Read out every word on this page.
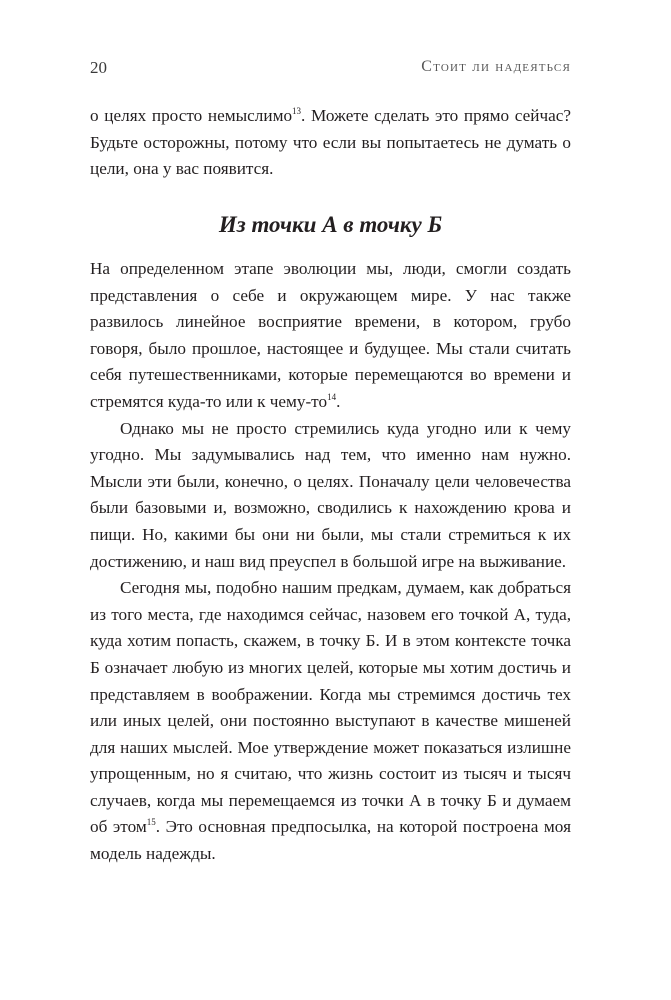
20	Стоит ли надеяться

о целях просто немыслимо$^{13}$. Можете сделать это прямо сейчас? Будьте осторожны, потому что если вы попытаетесь не думать о цели, она у вас появится.

Из точки А в точку Б

На определенном этапе эволюции мы, люди, смогли создать представления о себе и окружающем мире. У нас также развилось линейное восприятие времени, в котором, грубо говоря, было прошлое, настоящее и будущее. Мы стали считать себя путешественниками, которые перемещаются во времени и стремятся куда-то или к чему-то$^{14}$.

Однако мы не просто стремились куда угодно или к чему угодно. Мы задумывались над тем, что именно нам нужно. Мысли эти были, конечно, о целях. Поначалу цели человечества были базовыми и, возможно, сводились к нахождению крова и пищи. Но, какими бы они ни были, мы стали стремиться к их достижению, и наш вид преуспел в большой игре на выживание.

Сегодня мы, подобно нашим предкам, думаем, как добраться из того места, где находимся сейчас, назовем его точкой А, туда, куда хотим попасть, скажем, в точку Б. И в этом контексте точка Б означает любую из многих целей, которые мы хотим достичь и представляем в воображении. Когда мы стремимся достичь тех или иных целей, они постоянно выступают в качестве мишеней для наших мыслей. Мое утверждение может показаться излишне упрощенным, но я считаю, что жизнь состоит из тысяч и тысяч случаев, когда мы перемещаемся из точки А в точку Б и думаем об этом$^{15}$. Это основная предпосылка, на которой построена моя модель надежды.
